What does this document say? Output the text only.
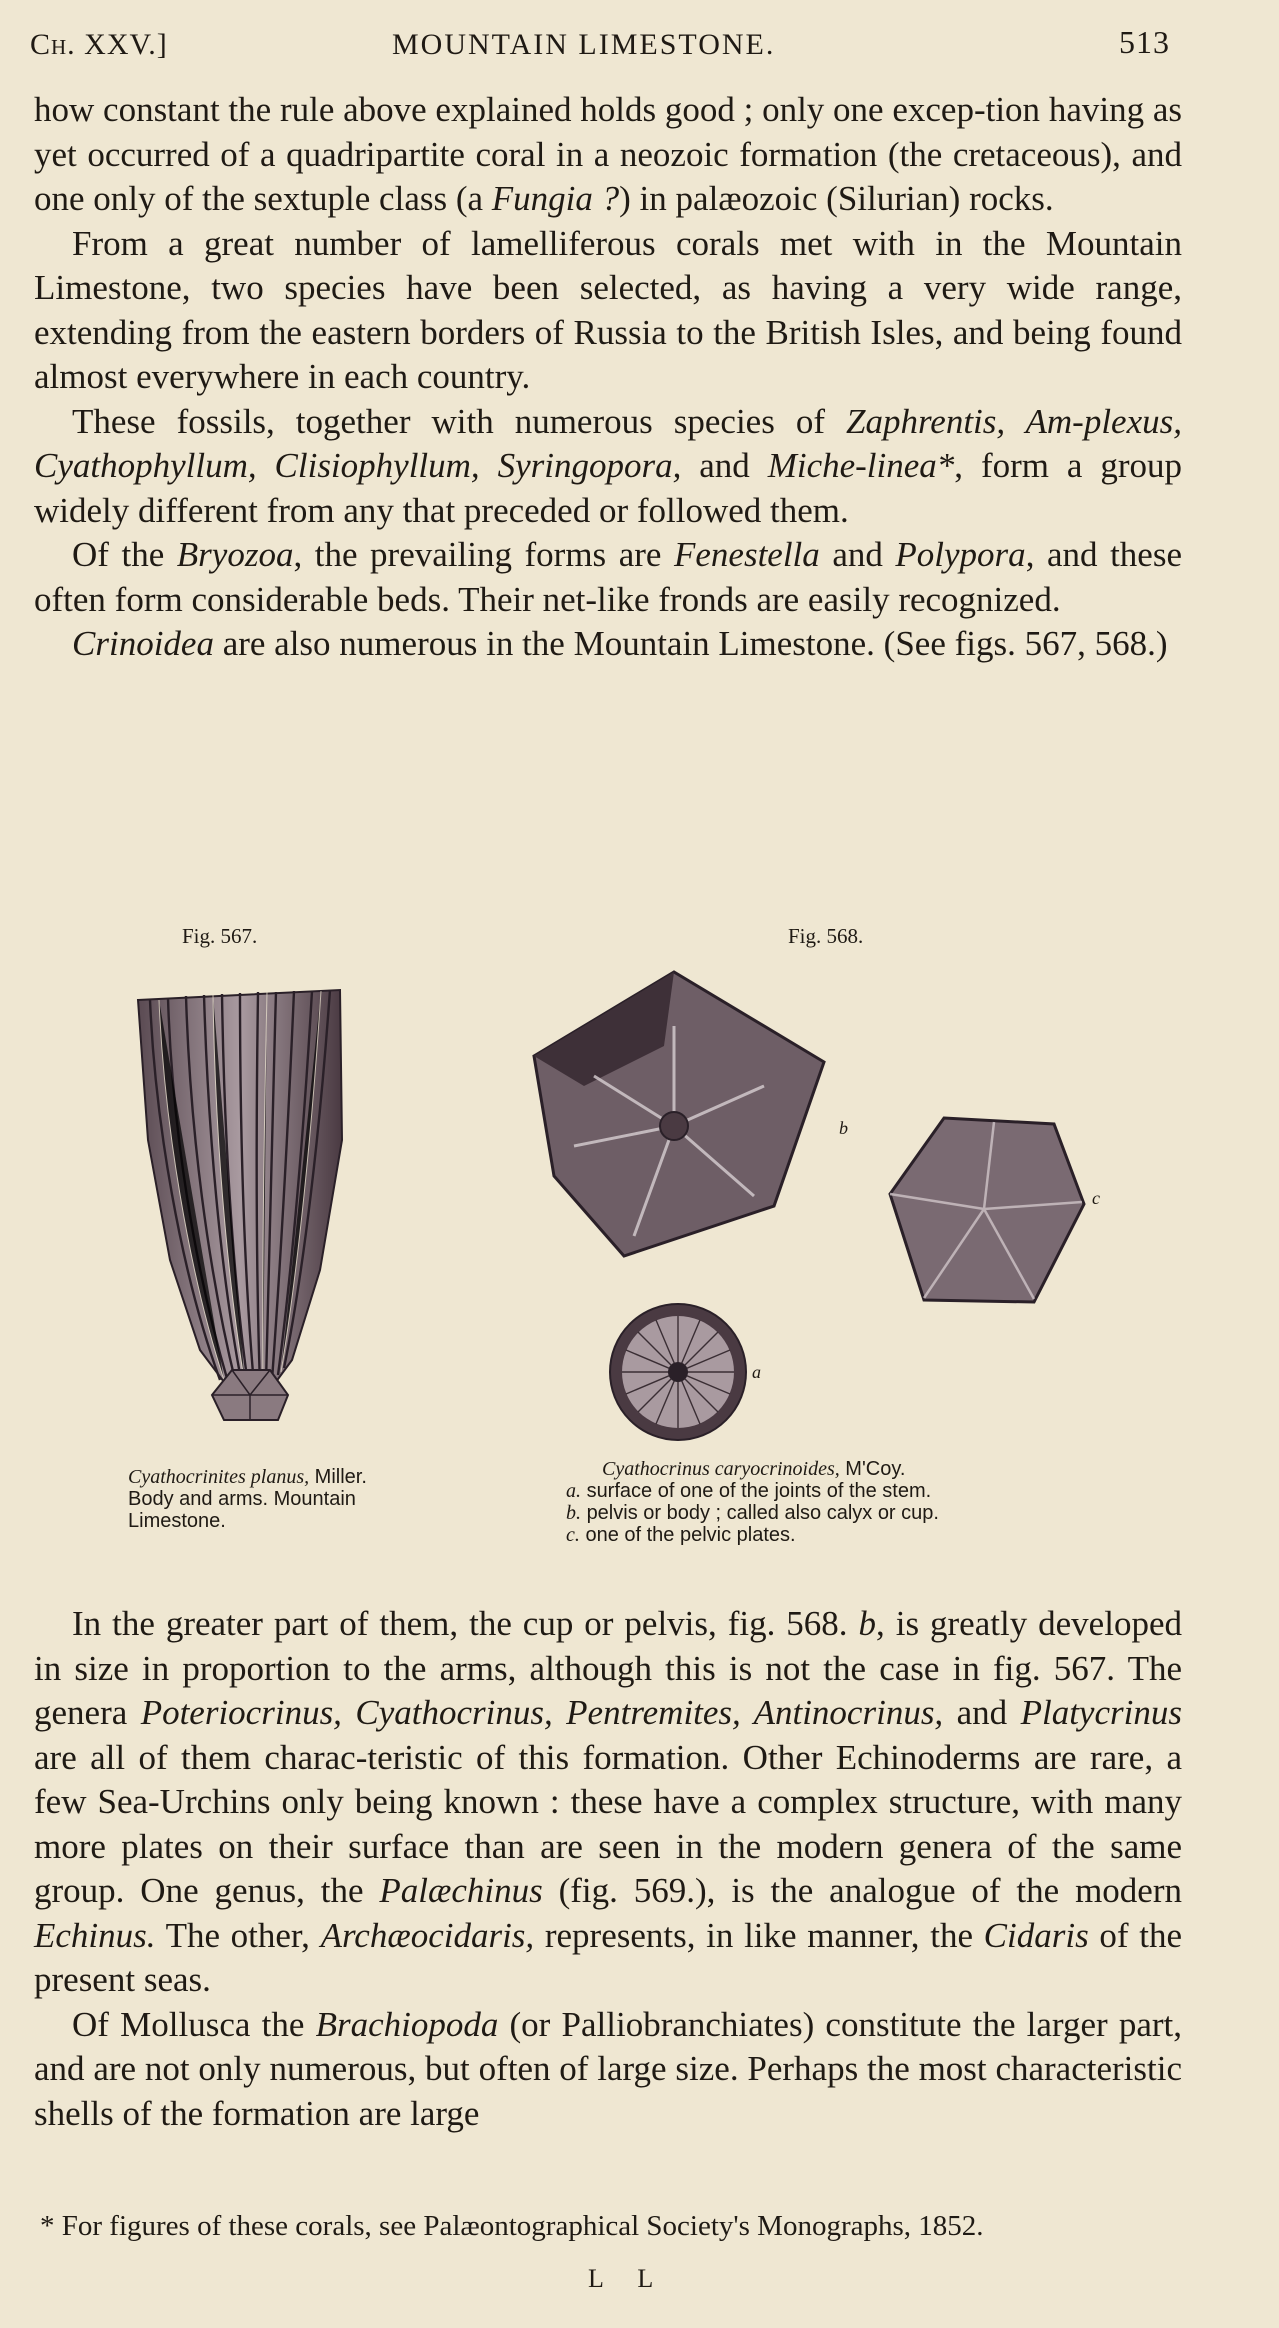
Ch. XXV.]	MOUNTAIN LIMESTONE.	513

how constant the rule above explained holds good ; only one excep-tion having as yet occurred of a quadripartite coral in a neozoic formation (the cretaceous), and one only of the sextuple class (a Fungia ?) in palæozoic (Silurian) rocks.

From a great number of lamelliferous corals met with in the Mountain Limestone, two species have been selected, as having a very wide range, extending from the eastern borders of Russia to the British Isles, and being found almost everywhere in each country.

These fossils, together with numerous species of Zaphrentis, Am-plexus, Cyathophyllum, Clisiophyllum, Syringopora, and Miche-linea*, form a group widely different from any that preceded or followed them.

Of the Bryozoa, the prevailing forms are Fenestella and Polypora, and these often form considerable beds. Their net-like fronds are easily recognized.

Crinoidea are also numerous in the Mountain Limestone. (See figs. 567, 568.)

Fig. 567.	Fig. 568.
b
c
a
Cyathocrinites planus, Miller. Body and arms. Mountain Limestone.
Cyathocrinus caryocrinoides, M'Coy.
a. surface of one of the joints of the stem.
b. pelvis or body ; called also calyx or cup.
c. one of the pelvic plates.

In the greater part of them, the cup or pelvis, fig. 568. b, is greatly developed in size in proportion to the arms, although this is not the case in fig. 567. The genera Poteriocrinus, Cyathocrinus, Pentremites, Antinocrinus, and Platycrinus are all of them charac-teristic of this formation. Other Echinoderms are rare, a few Sea-Urchins only being known : these have a complex structure, with many more plates on their surface than are seen in the modern genera of the same group. One genus, the Palæchinus (fig. 569.), is the analogue of the modern Echinus. The other, Archæocidaris, represents, in like manner, the Cidaris of the present seas.

Of Mollusca the Brachiopoda (or Palliobranchiates) constitute the larger part, and are not only numerous, but often of large size. Perhaps the most characteristic shells of the formation are large

* For figures of these corals, see Palæontographical Society's Monographs, 1852.
L L
